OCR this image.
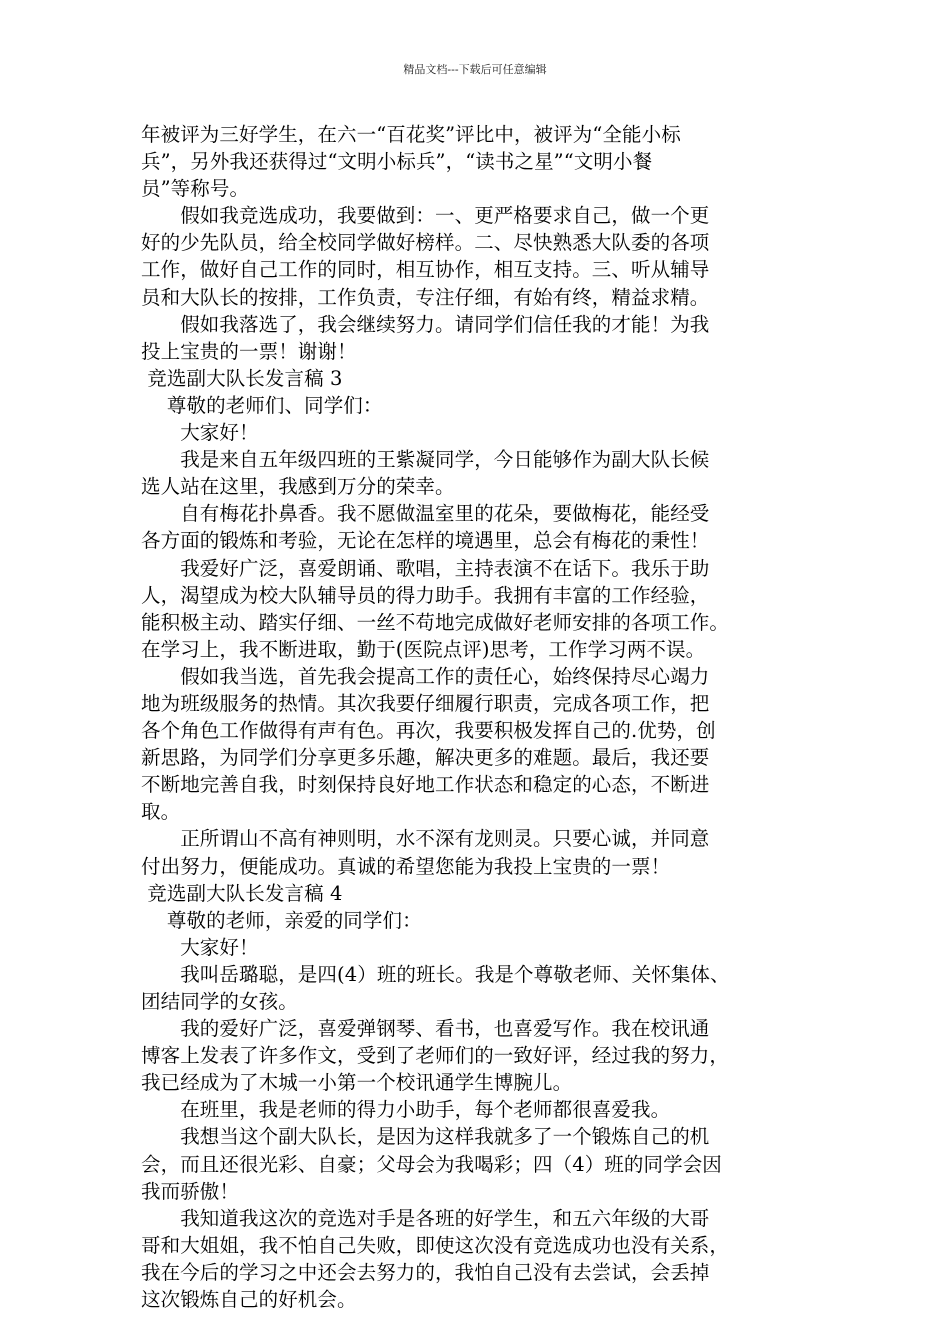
精品文档---下载后可任意编辑
年被评为三好学生，在六一“百花奖”评比中，被评为“全能小标
兵”，另外我还获得过“文明小标兵”，“读书之星”“文明小餐
员”等称号。
　　假如我竞选成功，我要做到：一、更严格要求自己，做一个更
好的少先队员，给全校同学做好榜样。二、尽快熟悉大队委的各项
工作，做好自己工作的同时，相互协作，相互支持。三、听从辅导
员和大队长的按排，工作负责，专注仔细，有始有终，精益求精。
　　假如我落选了，我会继续努力。请同学们信任我的才能！为我
投上宝贵的一票！谢谢！
竞选副大队长发言稿 3
　 尊敬的老师们、同学们：
　　大家好！
　　我是来自五年级四班的王紫凝同学，今日能够作为副大队长候
选人站在这里，我感到万分的荣幸。
　　自有梅花扑鼻香。我不愿做温室里的花朵，要做梅花，能经受
各方面的锻炼和考验，无论在怎样的境遇里，总会有梅花的秉性！
　　我爱好广泛，喜爱朗诵、歌唱，主持表演不在话下。我乐于助
人，渴望成为校大队辅导员的得力助手。我拥有丰富的工作经验，
能积极主动、踏实仔细、一丝不苟地完成做好老师安排的各项工作。
在学习上，我不断进取，勤于(医院点评)思考，工作学习两不误。
　　假如我当选，首先我会提高工作的责任心，始终保持尽心竭力
地为班级服务的热情。其次我要仔细履行职责，完成各项工作，把
各个角色工作做得有声有色。再次，我要积极发挥自己的.优势，创
新思路，为同学们分享更多乐趣，解决更多的难题。最后，我还要
不断地完善自我，时刻保持良好地工作状态和稳定的心态，不断进
取。
　　正所谓山不高有神则明，水不深有龙则灵。只要心诚，并同意
付出努力，便能成功。真诚的希望您能为我投上宝贵的一票！
竞选副大队长发言稿 4
　 尊敬的老师，亲爱的同学们：
　　大家好！
　　我叫岳璐聪，是四(4）班的班长。我是个尊敬老师、关怀集体、
团结同学的女孩。
　　我的爱好广泛，喜爱弹钢琴、看书，也喜爱写作。我在校讯通
博客上发表了许多作文，受到了老师们的一致好评，经过我的努力，
我已经成为了木城一小第一个校讯通学生博腕儿。
　　在班里，我是老师的得力小助手，每个老师都很喜爱我。
　　我想当这个副大队长，是因为这样我就多了一个锻炼自己的机
会，而且还很光彩、自豪；父母会为我喝彩；四（4）班的同学会因
我而骄傲！
　　我知道我这次的竞选对手是各班的好学生，和五六年级的大哥
哥和大姐姐，我不怕自己失败，即使这次没有竞选成功也没有关系，
我在今后的学习之中还会去努力的，我怕自己没有去尝试，会丢掉
这次锻炼自己的好机会。
